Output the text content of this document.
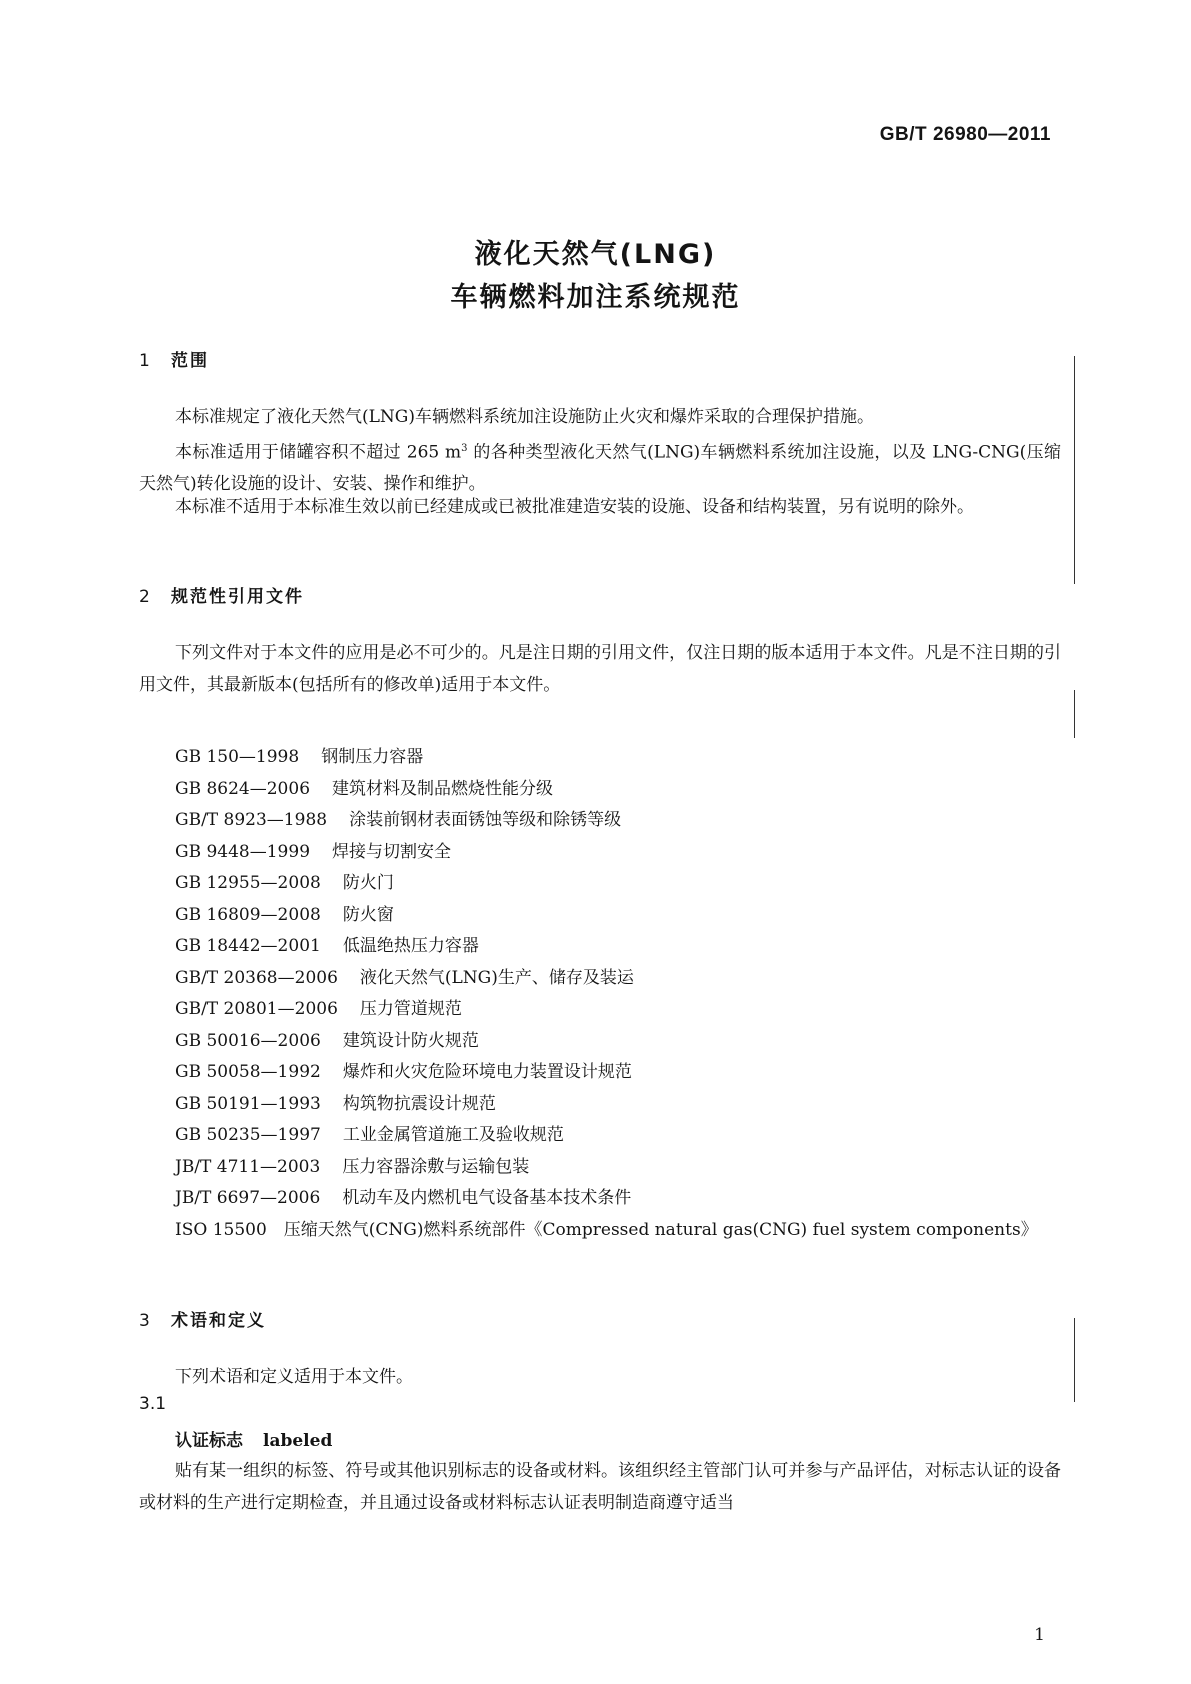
GB/T 26980—2011
液化天然气(LNG)
车辆燃料加注系统规范
1 范围

本标准规定了液化天然气(LNG)车辆燃料系统加注设施防止火灾和爆炸采取的合理保护措施。

本标准适用于储罐容积不超过 265 $m^3$ 的各种类型液化天然气(LNG)车辆燃料系统加注设施，以及 LNG-CNG(压缩天然气)转化设施的设计、安装、操作和维护。

本标准不适用于本标准生效以前已经建成或已被批准建造安装的设施、设备和结构装置，另有说明的除外。

2 规范性引用文件

下列文件对于本文件的应用是必不可少的。凡是注日期的引用文件，仅注日期的版本适用于本文件。凡是不注日期的引用文件，其最新版本(包括所有的修改单)适用于本文件。

GB 150—1998 钢制压力容器
GB 8624—2006 建筑材料及制品燃烧性能分级
GB/T 8923—1988 涂装前钢材表面锈蚀等级和除锈等级
GB 9448—1999 焊接与切割安全
GB 12955—2008 防火门
GB 16809—2008 防火窗
GB 18442—2001 低温绝热压力容器
GB/T 20368—2006 液化天然气(LNG)生产、储存及装运
GB/T 20801—2006 压力管道规范
GB 50016—2006 建筑设计防火规范
GB 50058—1992 爆炸和火灾危险环境电力装置设计规范
GB 50191—1993 构筑物抗震设计规范
GB 50235—1997 工业金属管道施工及验收规范
JB/T 4711—2003 压力容器涂敷与运输包装
JB/T 6697—2006 机动车及内燃机电气设备基本技术条件

ISO 15500　压缩天然气(CNG)燃料系统部件《Compressed natural gas(CNG) fuel system components》

3 术语和定义

下列术语和定义适用于本文件。

3.1
认证标志 labeled

贴有某一组织的标签、符号或其他识别标志的设备或材料。该组织经主管部门认可并参与产品评估，对标志认证的设备或材料的生产进行定期检查，并且通过设备或材料标志认证表明制造商遵守适当

1
